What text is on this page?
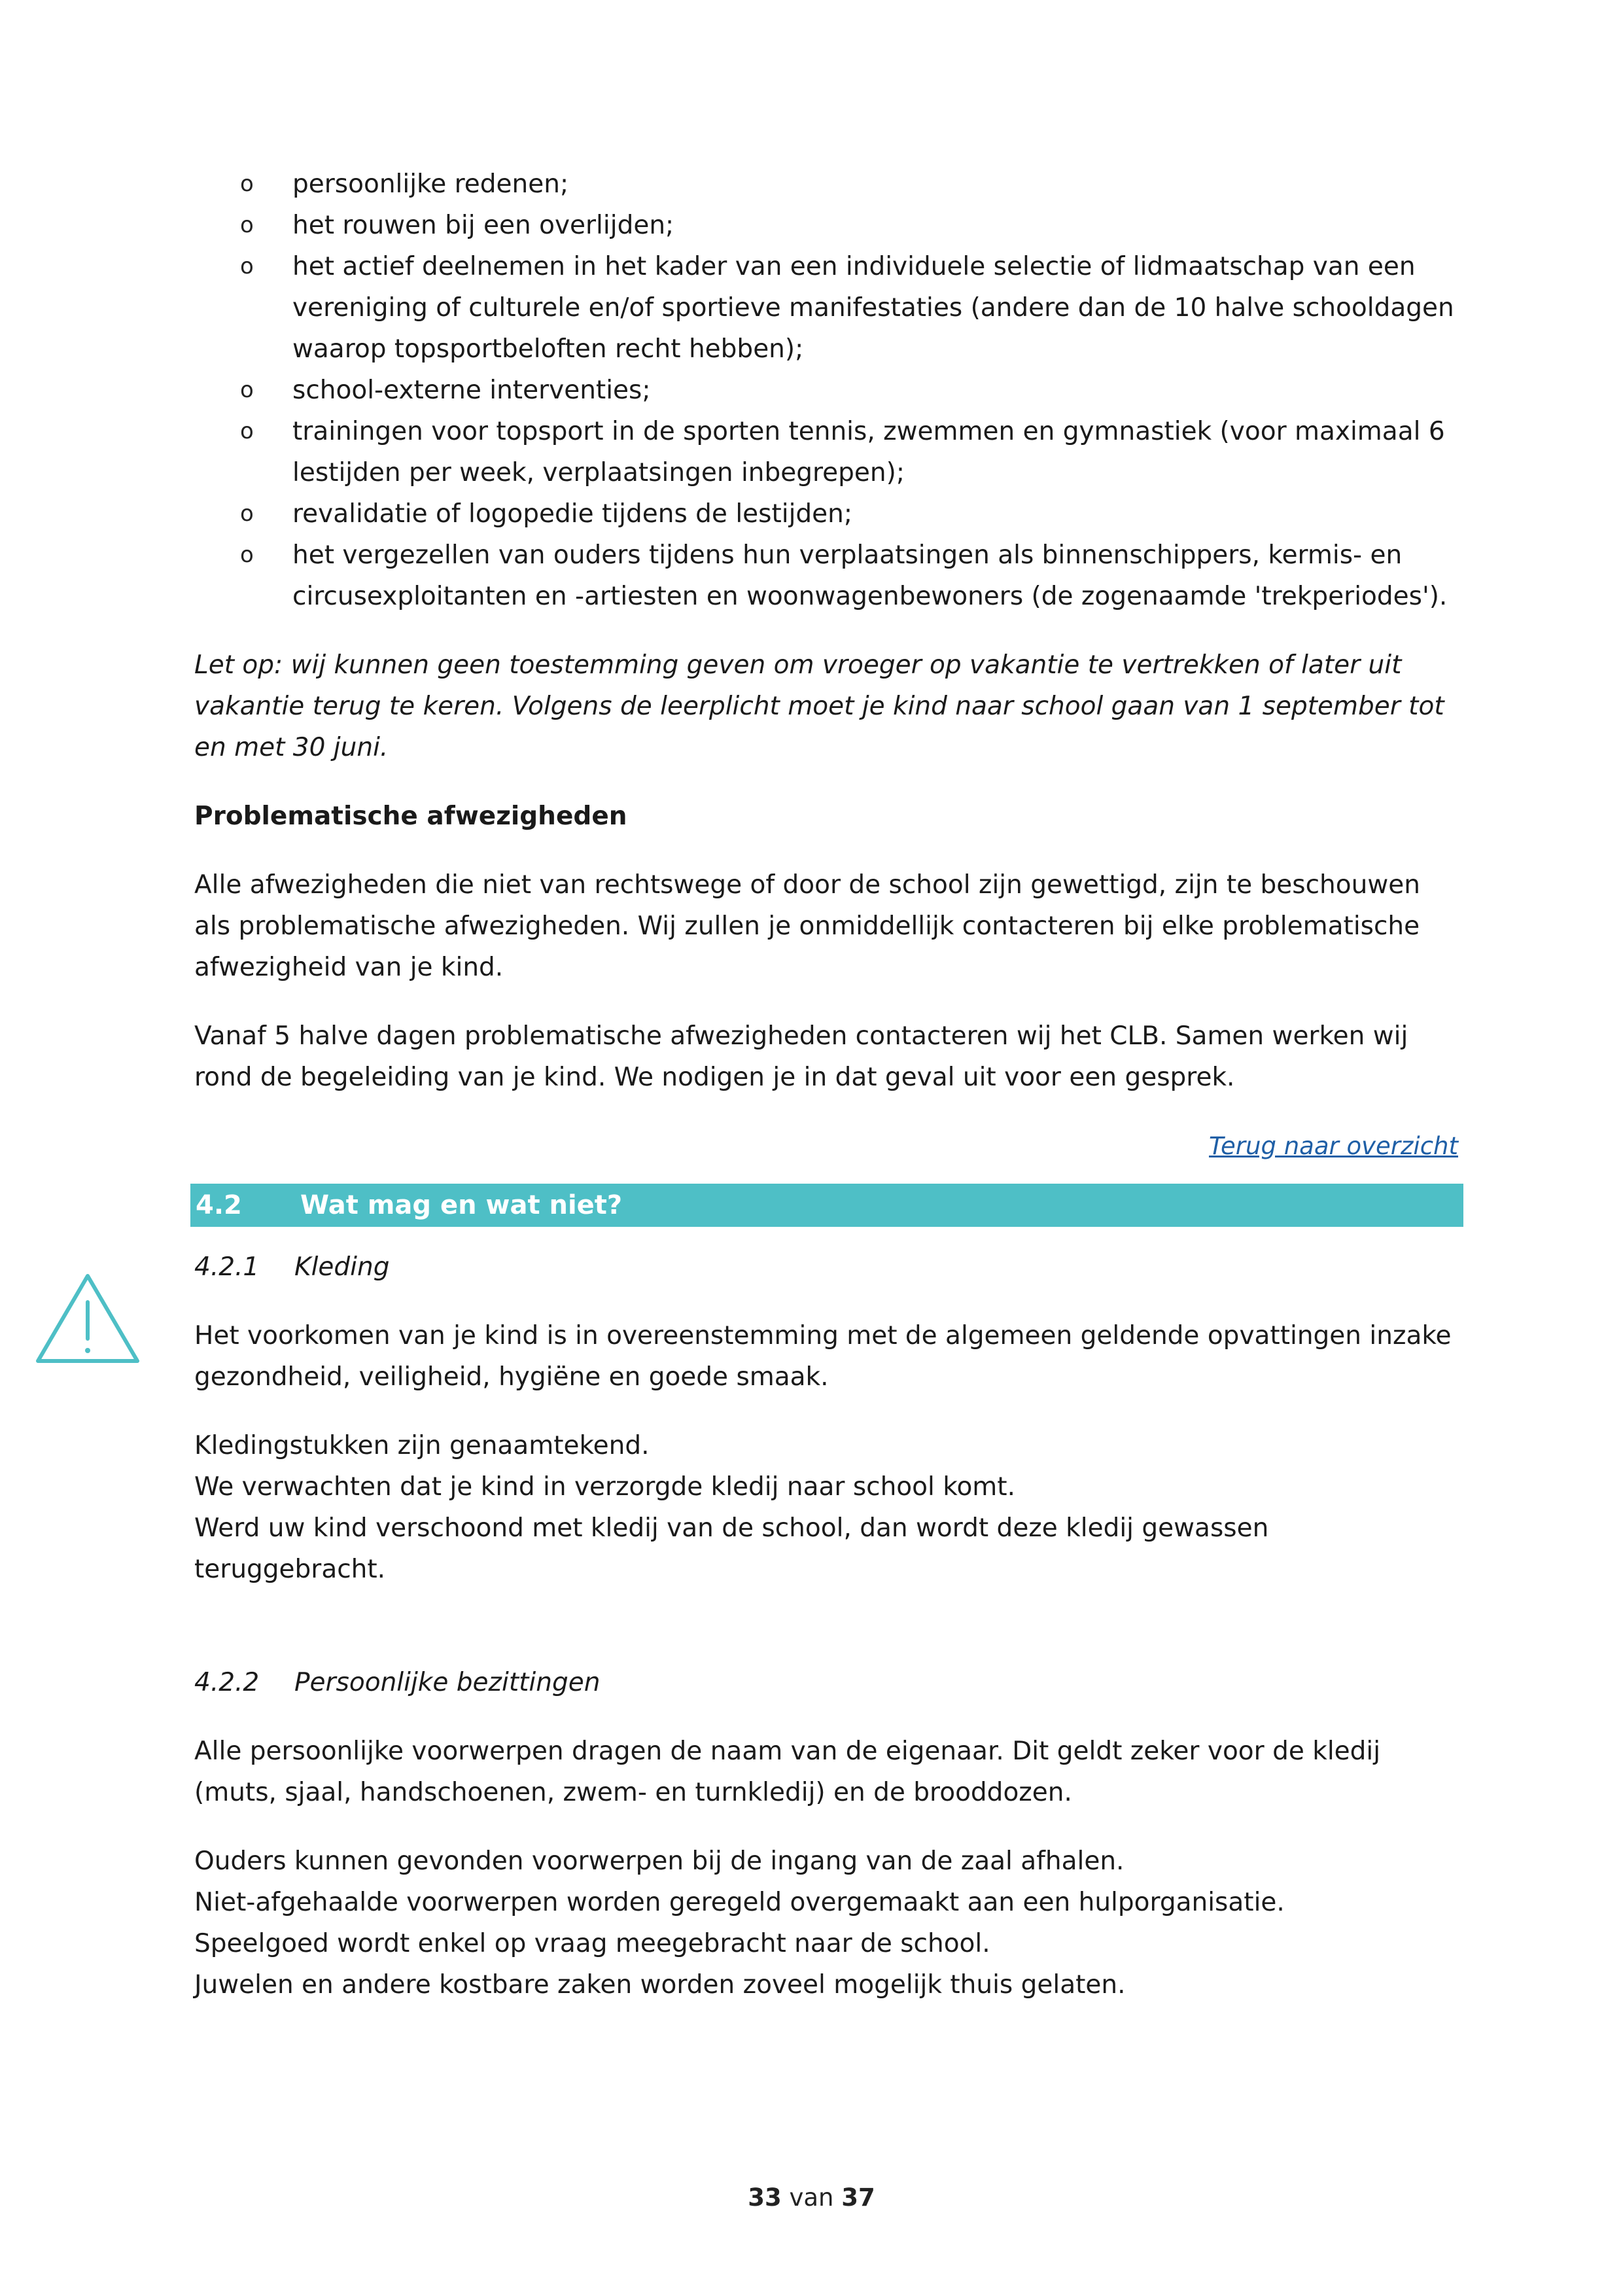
o persoonlijke redenen;
o het rouwen bij een overlijden;
o het actief deelnemen in het kader van een individuele selectie of lidmaatschap van een vereniging of culturele en/of sportieve manifestaties (andere dan de 10 halve schooldagen waarop topsportbeloften recht hebben);
o school-externe interventies;
o trainingen voor topsport in de sporten tennis, zwemmen en gymnastiek (voor maximaal 6 lestijden per week, verplaatsingen inbegrepen);
o revalidatie of logopedie tijdens de lestijden;
o het vergezellen van ouders tijdens hun verplaatsingen als binnenschippers, kermis- en circusexploitanten en -artiesten en woonwagenbewoners (de zogenaamde 'trekperiodes').

Let op: wij kunnen geen toestemming geven om vroeger op vakantie te vertrekken of later uit vakantie terug te keren. Volgens de leerplicht moet je kind naar school gaan van 1 september tot en met 30 juni.

Problematische afwezigheden

Alle afwezigheden die niet van rechtswege of door de school zijn gewettigd, zijn te beschouwen als problematische afwezigheden. Wij zullen je onmiddellijk contacteren bij elke problematische afwezigheid van je kind.

Vanaf 5 halve dagen problematische afwezigheden contacteren wij het CLB. Samen werken wij rond de begeleiding van je kind. We nodigen je in dat geval uit voor een gesprek.

Terug naar overzicht
4.2	Wat mag en wat niet?
4.2.1	Kleding

Het voorkomen van je kind is in overeenstemming met de algemeen geldende opvattingen inzake gezondheid, veiligheid, hygiëne en goede smaak.

Kledingstukken zijn genaamtekend.

We verwachten dat je kind in verzorgde kledij naar school komt.

Werd uw kind verschoond met kledij van de school, dan wordt deze kledij gewassen teruggebracht.

4.2.2	Persoonlijke bezittingen

Alle persoonlijke voorwerpen dragen de naam van de eigenaar. Dit geldt zeker voor de kledij (muts, sjaal, handschoenen, zwem- en turnkledij) en de brooddozen.

Ouders kunnen gevonden voorwerpen bij de ingang van de zaal afhalen.

Niet-afgehaalde voorwerpen worden geregeld overgemaakt aan een hulporganisatie.

Speelgoed wordt enkel op vraag meegebracht naar de school.

Juwelen en andere kostbare zaken worden zoveel mogelijk thuis gelaten.

33 van 37
